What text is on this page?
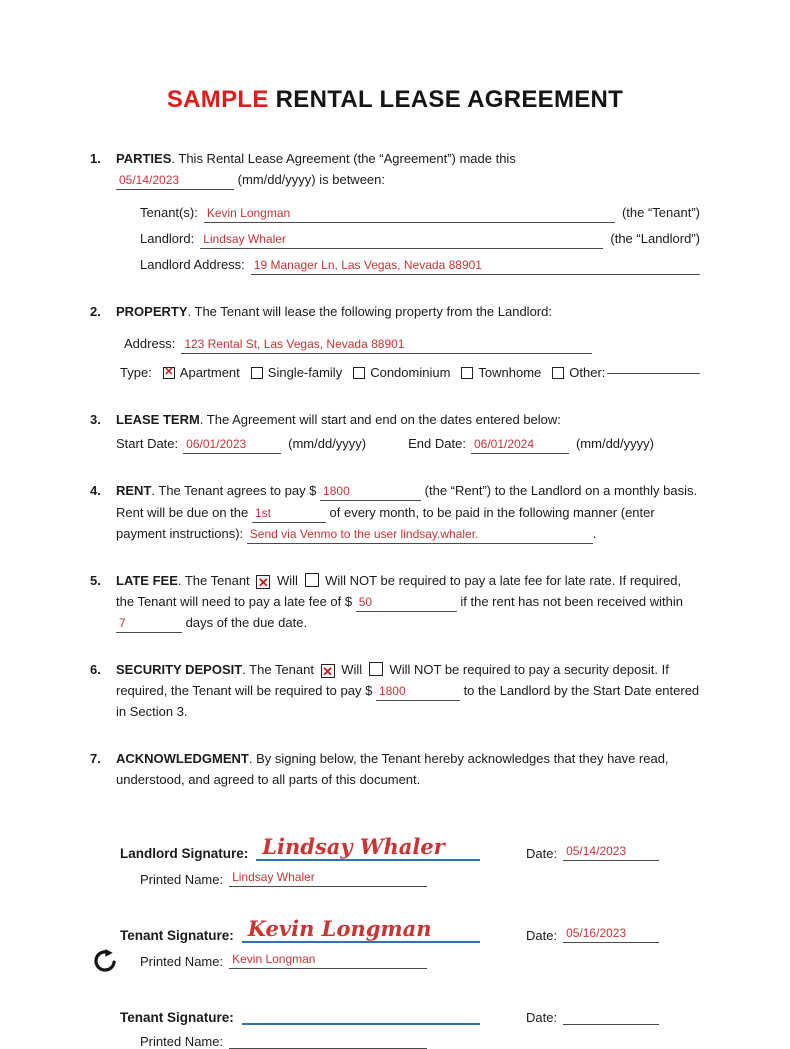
SAMPLE RENTAL LEASE AGREEMENT
1.	PARTIES. This Rental Lease Agreement (the “Agreement”) made this
05/14/2023	(mm/dd/yyyy) is between:
Tenant(s): Kevin Longman	(the “Tenant”)
Landlord: Lindsay Whaler	(the “Landlord”)
Landlord Address: 19 Manager Ln, Las Vegas, Nevada 88901
2.	PROPERTY. The Tenant will lease the following property from the Landlord:
Address: 123 Rental St, Las Vegas, Nevada 88901
Type: ✕ Apartment Single-family Condominium Townhome Other:
3.	LEASE TERM. The Agreement will start and end on the dates entered below:
Start Date: 06/01/2023	(mm/dd/yyyy)	End Date: 06/01/2024	(mm/dd/yyyy)
4.	RENT. The Tenant agrees to pay $ 1800	(the “Rent”) to the Landlord on a monthly basis. Rent will be due on the 1st	of every month, to be paid in the following manner (enter payment instructions): Send via Venmo to the user lindsay.whaler.	.
5.	LATE FEE. The Tenant ✕ Will Will NOT be required to pay a late fee for late rate. If required, the Tenant will need to pay a late fee of $ 50	if the rent has not been received within 7	days of the due date.
6.	SECURITY DEPOSIT. The Tenant ✕ Will Will NOT be required to pay a security deposit. If required, the Tenant will be required to pay $ 1800	to the Landlord by the Start Date entered in Section 3.
7.	ACKNOWLEDGMENT. By signing below, the Tenant hereby acknowledges that they have read, understood, and agreed to all parts of this document.
Landlord Signature: Lindsay Whaler	Date: 05/14/2023
Printed Name: Lindsay Whaler
Tenant Signature: Kevin Longman	Date: 05/16/2023
Printed Name: Kevin Longman
Tenant Signature:	Date:
Printed Name:
